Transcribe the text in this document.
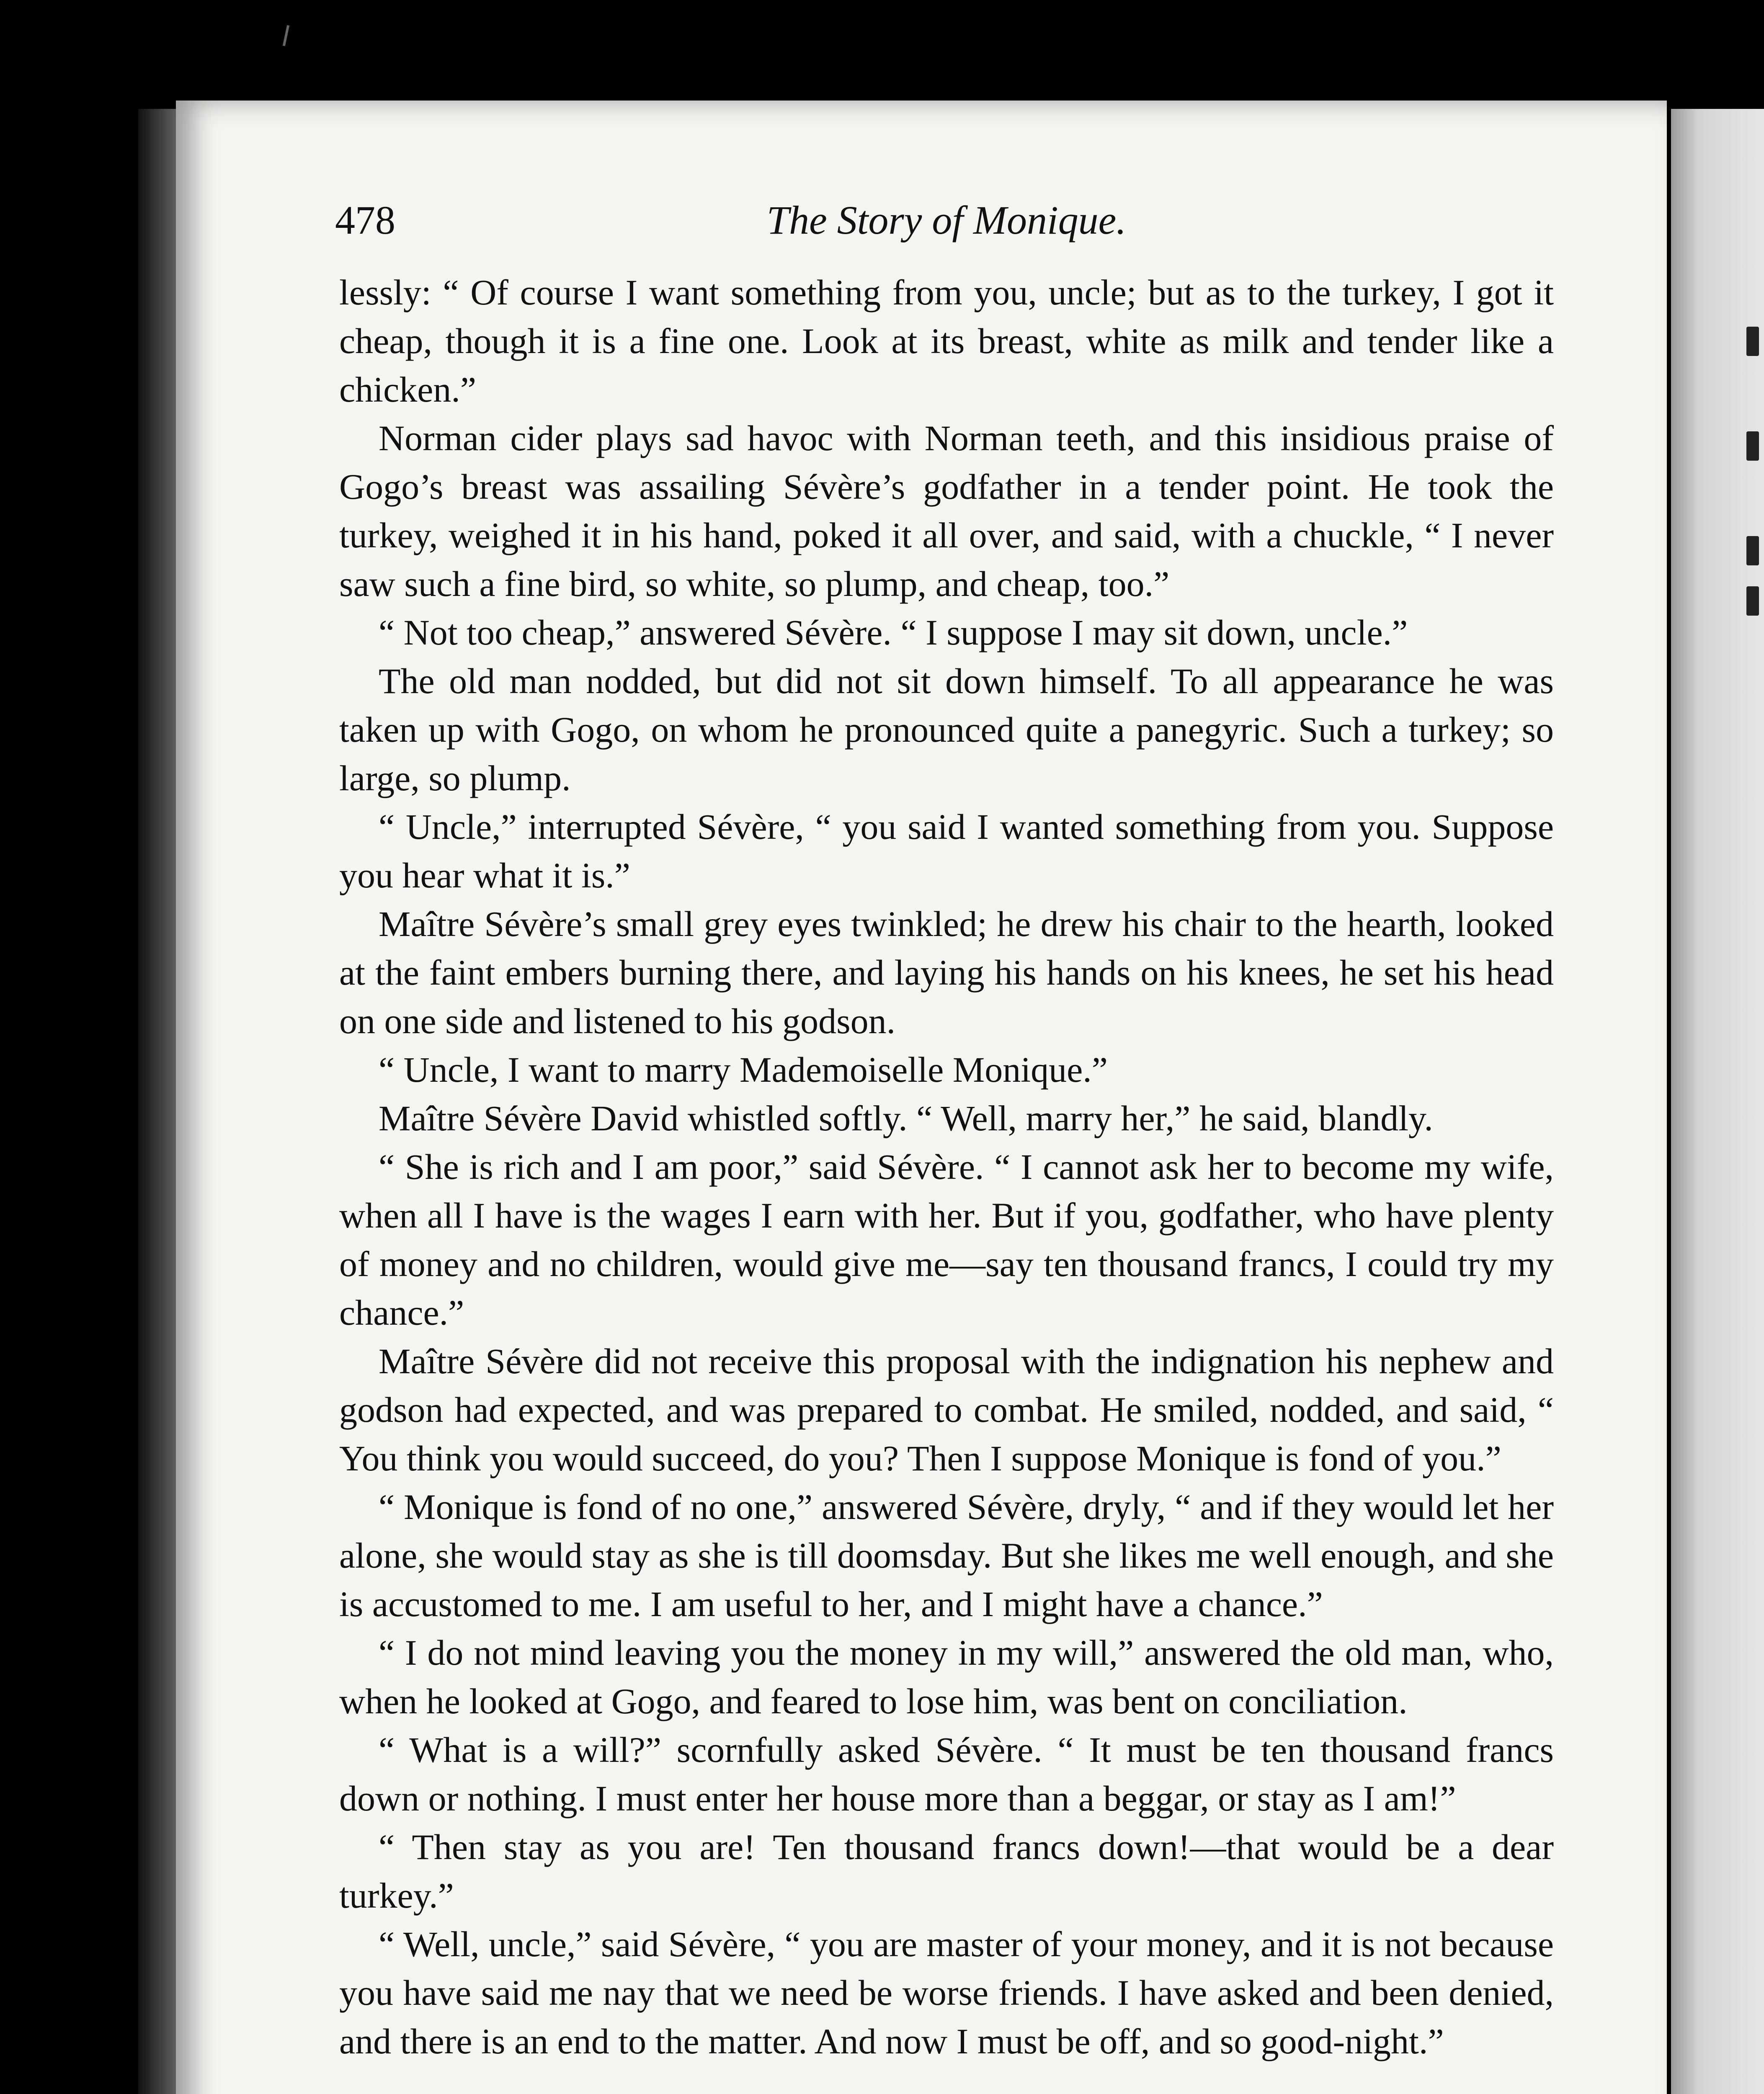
478	The Story of Monique.

lessly: “ Of course I want something from you, uncle; but as to the turkey, I got it cheap, though it is a fine one. Look at its breast, white as milk and tender like a chicken.”

Norman cider plays sad havoc with Norman teeth, and this insidious praise of Gogo’s breast was assailing Sévère’s godfather in a tender point. He took the turkey, weighed it in his hand, poked it all over, and said, with a chuckle, “ I never saw such a fine bird, so white, so plump, and cheap, too.”

“ Not too cheap,” answered Sévère. “ I suppose I may sit down, uncle.”

The old man nodded, but did not sit down himself. To all appearance he was taken up with Gogo, on whom he pronounced quite a panegyric. Such a turkey; so large, so plump.

“ Uncle,” interrupted Sévère, “ you said I wanted something from you. Suppose you hear what it is.”

Maître Sévère’s small grey eyes twinkled; he drew his chair to the hearth, looked at the faint embers burning there, and laying his hands on his knees, he set his head on one side and listened to his godson.

“ Uncle, I want to marry Mademoiselle Monique.”

Maître Sévère David whistled softly. “ Well, marry her,” he said, blandly.

“ She is rich and I am poor,” said Sévère. “ I cannot ask her to become my wife, when all I have is the wages I earn with her. But if you, godfather, who have plenty of money and no children, would give me—say ten thousand francs, I could try my chance.”

Maître Sévère did not receive this proposal with the indignation his nephew and godson had expected, and was prepared to combat. He smiled, nodded, and said, “ You think you would succeed, do you? Then I suppose Monique is fond of you.”

“ Monique is fond of no one,” answered Sévère, dryly, “ and if they would let her alone, she would stay as she is till doomsday. But she likes me well enough, and she is accustomed to me. I am useful to her, and I might have a chance.”

“ I do not mind leaving you the money in my will,” answered the old man, who, when he looked at Gogo, and feared to lose him, was bent on conciliation.

“ What is a will?” scornfully asked Sévère. “ It must be ten thousand francs down or nothing. I must enter her house more than a beggar, or stay as I am!”

“ Then stay as you are! Ten thousand francs down!—that would be a dear turkey.”

“ Well, uncle,” said Sévère, “ you are master of your money, and it is not because you have said me nay that we need be worse friends. I have asked and been denied, and there is an end to the matter. And now I must be off, and so good-night.”
